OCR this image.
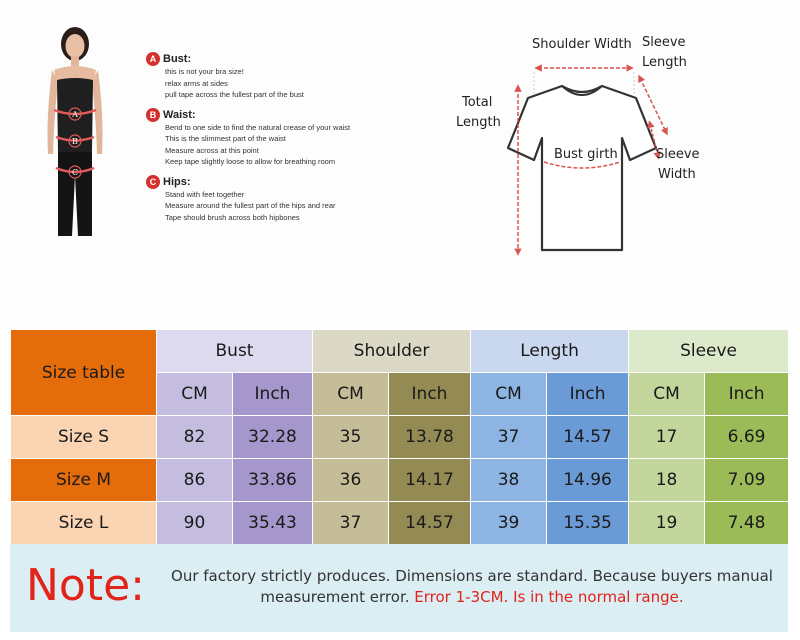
A
B
C
A Bust:
this is not your bra size!
relax arms at sides
pull tape across the fullest part of the bust
B Waist:
Bend to one side to find the natural crease of your waist
This is the slimmest part of the waist
Measure across at this point
Keep tape slightly loose to allow for breathing room
C Hips:
Stand with feet together
Measure around the fullest part of the hips and rear
Tape should brush across both hipbones
Shoulder Width Sleeve
Length
Total
Length
Bust girth	Sleeve
Width
Size table	Bust		Shoulder		Length		Sleeve	
	CM	Inch	CM	Inch	CM	Inch	CM	Inch
Size S	82	32.28	35	13.78	37	14.57	17	6.69
Size M	86	33.86	36	14.17	38	14.96	18	7.09
Size L	90	35.43	37	14.57	39	15.35	19	7.48
Note:	Our factory strictly produces. Dimensions are standard. Because buyers manual measurement error. Error 1-3CM. Is in the normal range.
